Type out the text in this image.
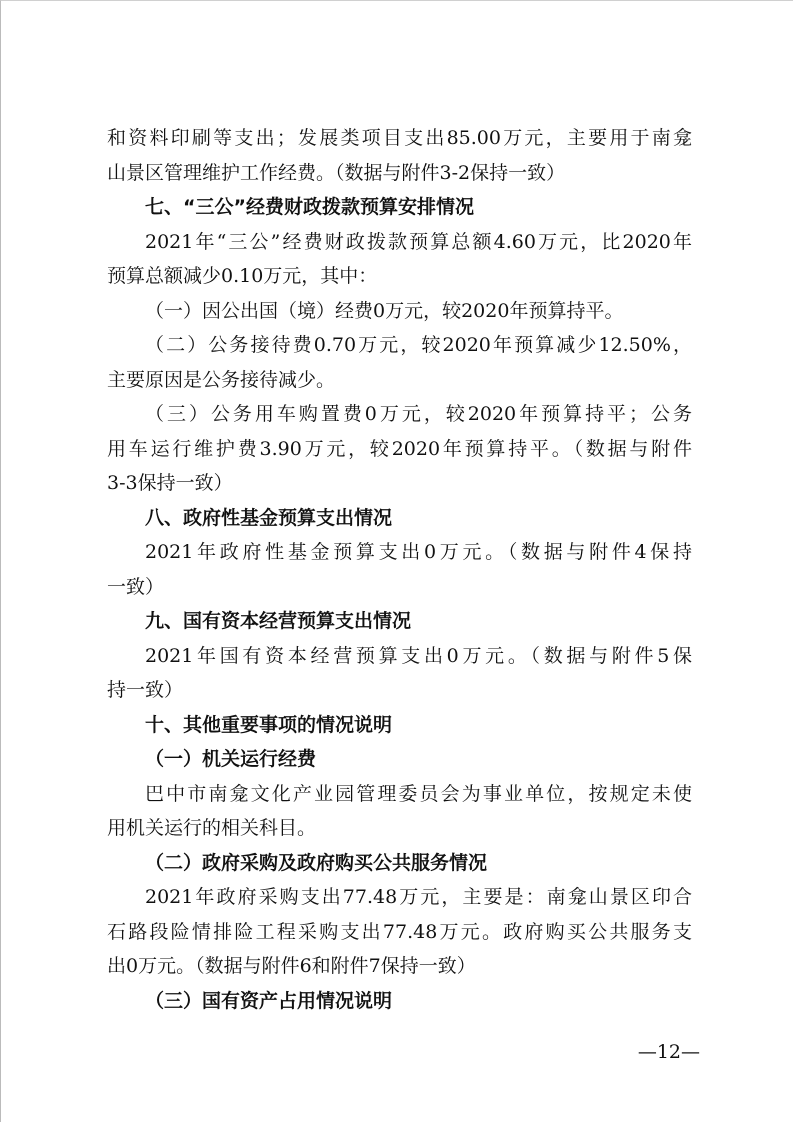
和资料印刷等支出；发展类项目支出85.00万元，主要用于南龛
山景区管理维护工作经费。（数据与附件3-2保持一致）
七、“三公”经费财政拨款预算安排情况
2021年“三公”经费财政拨款预算总额4.60万元，比2020年
预算总额减少0.10万元，其中：
（一）因公出国（境）经费0万元，较2020年预算持平。
（二）公务接待费0.70万元，较2020年预算减少12.50%，
主要原因是公务接待减少。
（三）公务用车购置费0万元，较2020年预算持平；公务
用车运行维护费3.90万元，较2020年预算持平。（数据与附件
3-3保持一致）
八、政府性基金预算支出情况
2021年政府性基金预算支出0万元。（数据与附件4保持
一致）
九、国有资本经营预算支出情况
2021年国有资本经营预算支出0万元。（数据与附件5保
持一致）
十、其他重要事项的情况说明
（一）机关运行经费
巴中市南龛文化产业园管理委员会为事业单位，按规定未使
用机关运行的相关科目。
（二）政府采购及政府购买公共服务情况
2021年政府采购支出77.48万元，主要是：南龛山景区印合
石路段险情排险工程采购支出77.48万元。政府购买公共服务支
出0万元。（数据与附件6和附件7保持一致）
（三）国有资产占用情况说明
—12—
